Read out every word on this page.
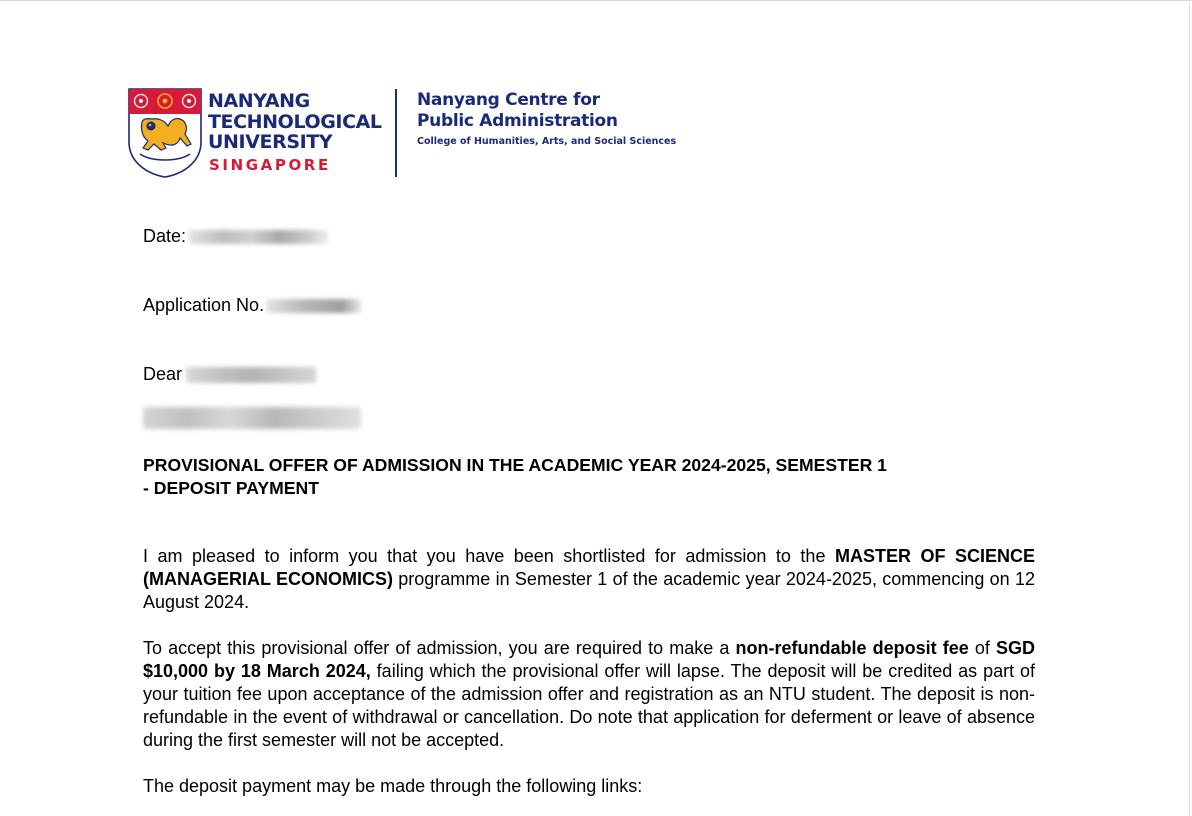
NANYANG
TECHNOLOGICAL
UNIVERSITY
SINGAPORE
Nanyang Centre for
Public Administration
College of Humanities, Arts, and Social Sciences
Date:
Application No.
Dear
PROVISIONAL OFFER OF ADMISSION IN THE ACADEMIC YEAR 2024-2025, SEMESTER 1
- DEPOSIT PAYMENT
I am pleased to inform you that you have been shortlisted for admission to the MASTER OF SCIENCE (MANAGERIAL ECONOMICS) programme in Semester 1 of the academic year 2024-2025, commencing on 12 August 2024.
To accept this provisional offer of admission, you are required to make a non-refundable deposit fee of SGD $10,000 by 18 March 2024, failing which the provisional offer will lapse. The deposit will be credited as part of your tuition fee upon acceptance of the admission offer and registration as an NTU student. The deposit is non-refundable in the event of withdrawal or cancellation. Do note that application for deferment or leave of absence during the first semester will not be accepted.
The deposit payment may be made through the following links:
